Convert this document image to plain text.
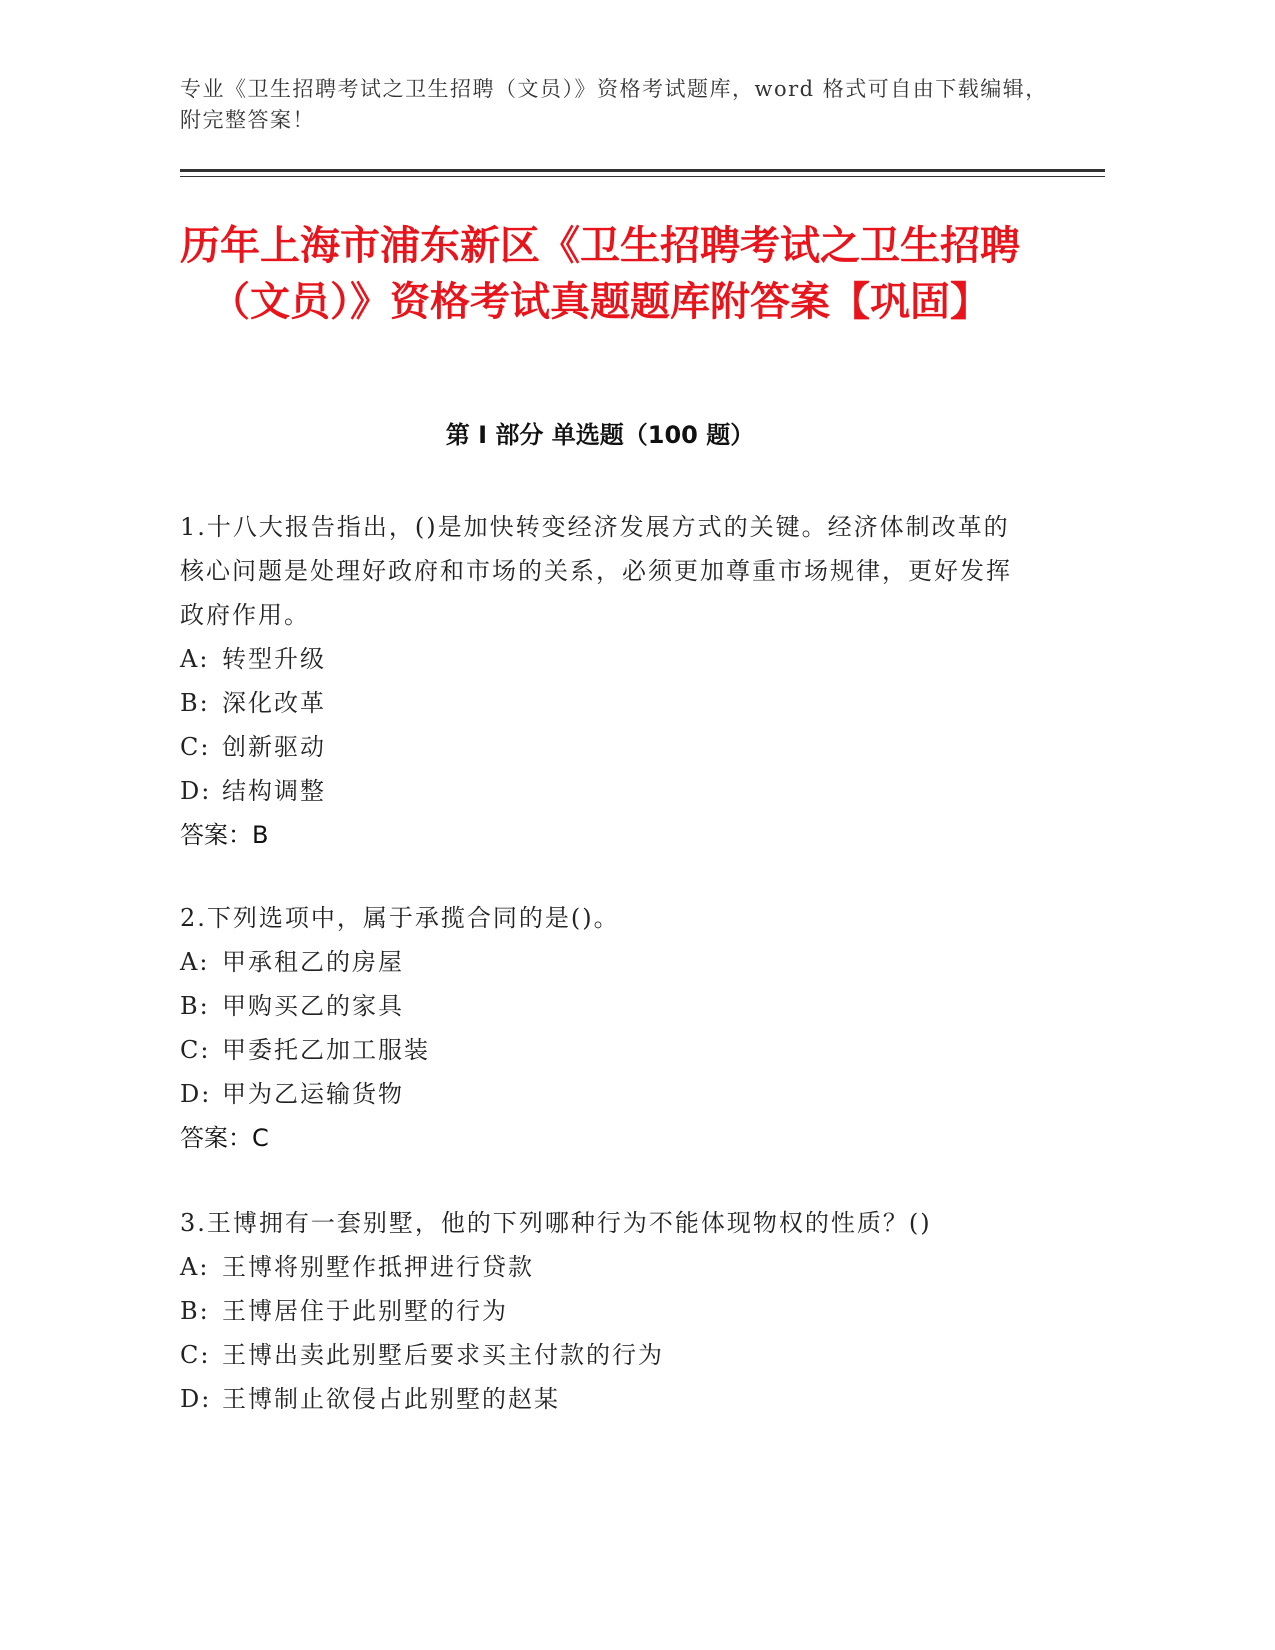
专业《卫生招聘考试之卫生招聘（文员）》资格考试题库，word 格式可自由下载编辑，附完整答案！
历年上海市浦东新区《卫生招聘考试之卫生招聘（文员）》资格考试真题题库附答案【巩固】
第 I 部分 单选题（100 题）
1.十八大报告指出，()是加快转变经济发展方式的关键。经济体制改革的核心问题是处理好政府和市场的关系，必须更加尊重市场规律，更好发挥政府作用。
A: 转型升级
B: 深化改革
C: 创新驱动
D: 结构调整
答案：B
2.下列选项中，属于承揽合同的是()。
A: 甲承租乙的房屋
B: 甲购买乙的家具
C: 甲委托乙加工服装
D: 甲为乙运输货物
答案：C
3.王博拥有一套别墅，他的下列哪种行为不能体现物权的性质？()
A: 王博将别墅作抵押进行贷款
B: 王博居住于此别墅的行为
C: 王博出卖此别墅后要求买主付款的行为
D: 王博制止欲侵占此别墅的赵某
